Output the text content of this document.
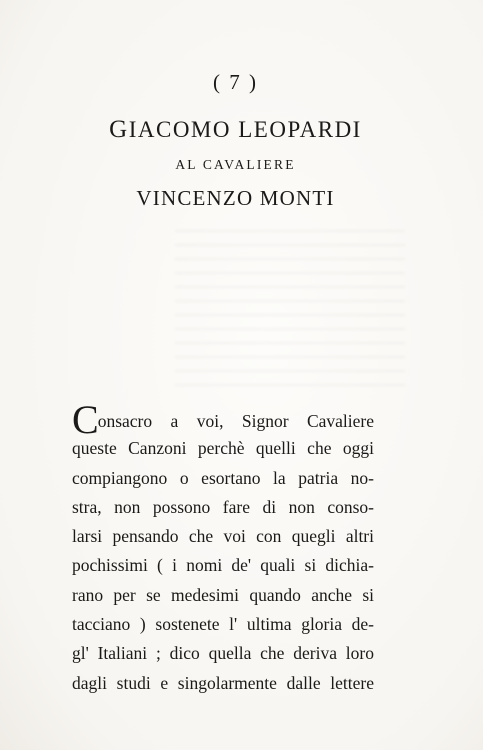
( 7 )
GIACOMO LEOPARDI
AL CAVALIERE
VINCENZO MONTI
Consacro a voi, Signor Cavaliere
queste Canzoni perchè quelli che oggi
compiangono o esortano la patria no-
stra, non possono fare di non conso-
larsi pensando che voi con quegli altri
pochissimi ( i nomi de' quali si dichia-
rano per se medesimi quando anche si
tacciano ) sostenete l' ultima gloria de-
gl' Italiani ; dico quella che deriva loro
dagli studi e singolarmente dalle lettere
